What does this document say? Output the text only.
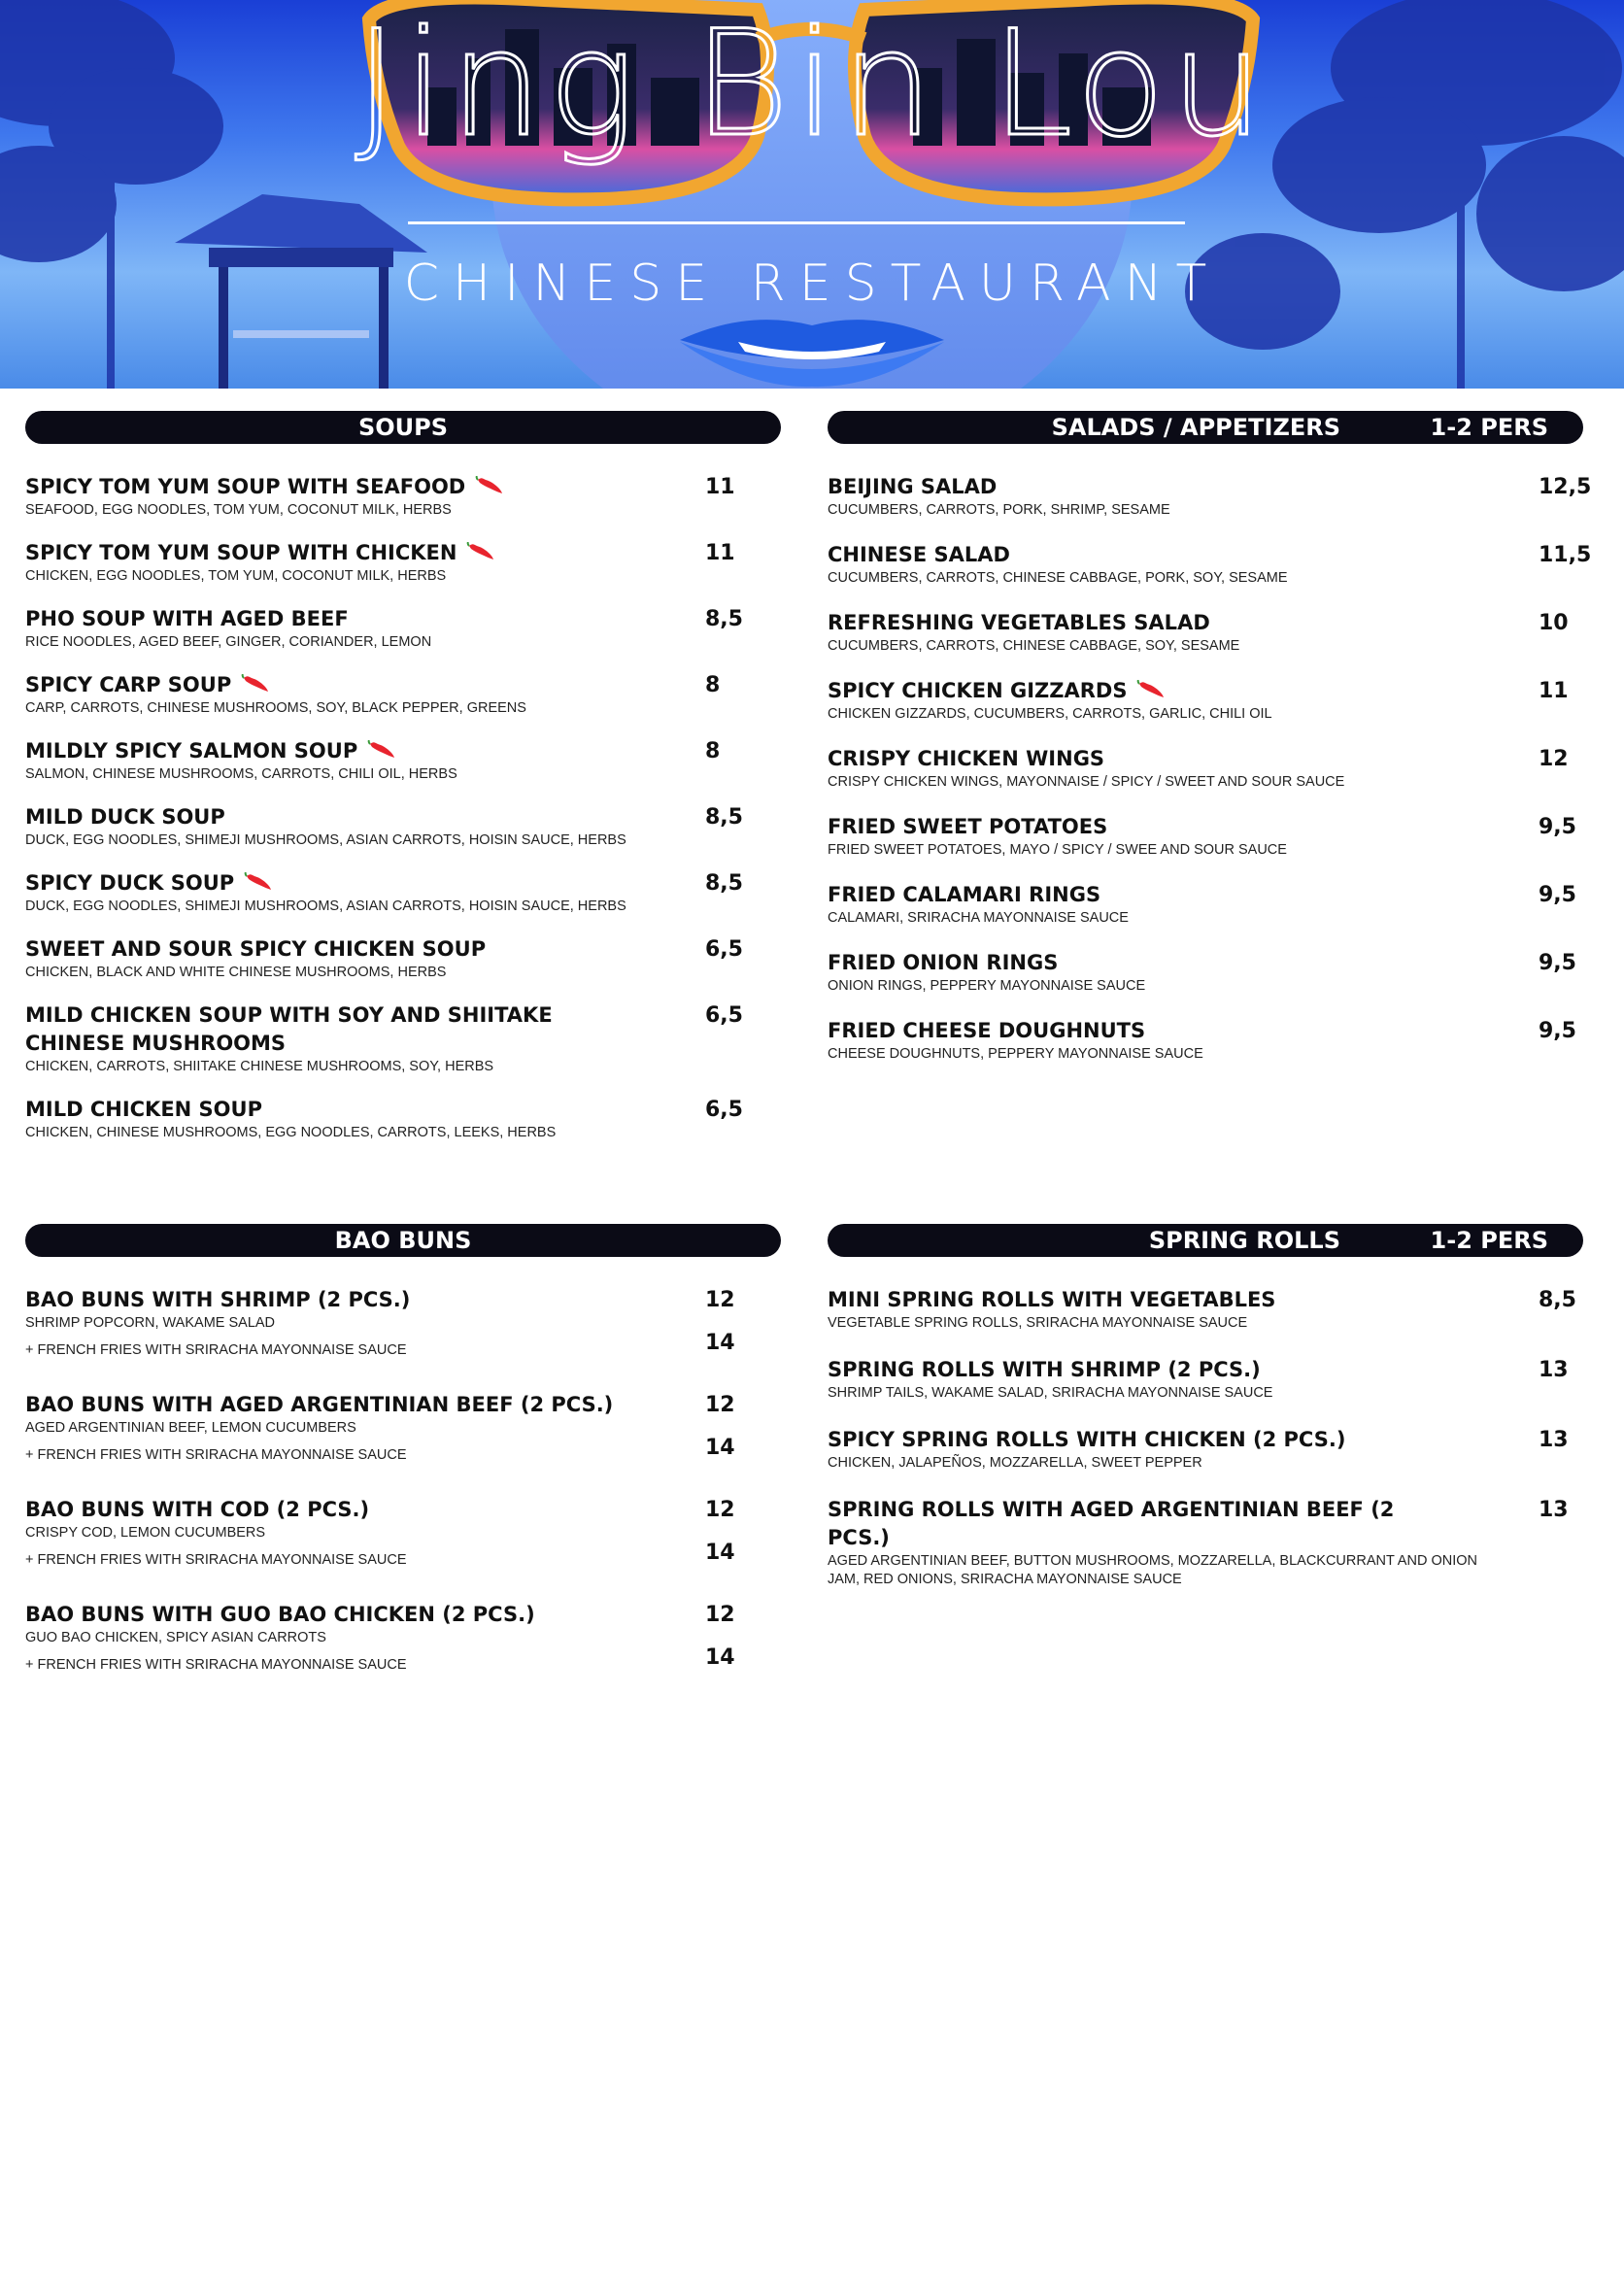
Jing Bin Lou
CHINESE RESTAURANT
SOUPS
SPICY TOM YUM SOUP WITH SEAFOOD
SEAFOOD, EGG NOODLES, TOM YUM, COCONUT MILK, HERBS
11
SPICY TOM YUM SOUP WITH CHICKEN
CHICKEN, EGG NOODLES, TOM YUM, COCONUT MILK, HERBS
11
PHO SOUP WITH AGED BEEF
RICE NOODLES, AGED BEEF, GINGER, CORIANDER, LEMON
8,5
SPICY CARP SOUP
CARP, CARROTS, CHINESE MUSHROOMS, SOY, BLACK PEPPER, GREENS
8
MILDLY SPICY SALMON SOUP
SALMON, CHINESE MUSHROOMS, CARROTS, CHILI OIL, HERBS
8
MILD DUCK SOUP
DUCK, EGG NOODLES, SHIMEJI MUSHROOMS, ASIAN CARROTS, HOISIN SAUCE, HERBS
8,5
SPICY DUCK SOUP
DUCK, EGG NOODLES, SHIMEJI MUSHROOMS, ASIAN CARROTS, HOISIN SAUCE, HERBS
8,5
SWEET AND SOUR SPICY CHICKEN SOUP
CHICKEN, BLACK AND WHITE CHINESE MUSHROOMS, HERBS
6,5
MILD CHICKEN SOUP WITH SOY AND SHIITAKE CHINESE MUSHROOMS
CHICKEN, CARROTS, SHIITAKE CHINESE MUSHROOMS, SOY, HERBS
6,5
MILD CHICKEN SOUP
CHICKEN, CHINESE MUSHROOMS, EGG NOODLES, CARROTS, LEEKS, HERBS
6,5
SALADS / APPETIZERS	1-2 PERS
BEIJING SALAD
CUCUMBERS, CARROTS, PORK, SHRIMP, SESAME
12,5
CHINESE SALAD
CUCUMBERS, CARROTS, CHINESE CABBAGE, PORK, SOY, SESAME
11,5
REFRESHING VEGETABLES SALAD
CUCUMBERS, CARROTS, CHINESE CABBAGE, SOY, SESAME
10
SPICY CHICKEN GIZZARDS
CHICKEN GIZZARDS, CUCUMBERS, CARROTS, GARLIC, CHILI OIL
11
CRISPY CHICKEN WINGS
CRISPY CHICKEN WINGS, MAYONNAISE / SPICY / SWEET AND SOUR SAUCE
12
FRIED SWEET POTATOES
FRIED SWEET POTATOES, MAYO / SPICY / SWEE AND SOUR SAUCE
9,5
FRIED CALAMARI RINGS
CALAMARI, SRIRACHA MAYONNAISE SAUCE
9,5
FRIED ONION RINGS
ONION RINGS, PEPPERY MAYONNAISE SAUCE
9,5
FRIED CHEESE DOUGHNUTS
CHEESE DOUGHNUTS, PEPPERY MAYONNAISE SAUCE
9,5
BAO BUNS
BAO BUNS WITH SHRIMP (2 PCS.)
SHRIMP POPCORN, WAKAME SALAD
12
+ FRENCH FRIES WITH SRIRACHA MAYONNAISE SAUCE	14
BAO BUNS WITH AGED ARGENTINIAN BEEF (2 PCS.)
AGED ARGENTINIAN BEEF, LEMON CUCUMBERS
12
+ FRENCH FRIES WITH SRIRACHA MAYONNAISE SAUCE	14
BAO BUNS WITH COD (2 PCS.)
CRISPY COD, LEMON CUCUMBERS
12
+ FRENCH FRIES WITH SRIRACHA MAYONNAISE SAUCE	14
BAO BUNS WITH GUO BAO CHICKEN (2 PCS.)
GUO BAO CHICKEN, SPICY ASIAN CARROTS
12
+ FRENCH FRIES WITH SRIRACHA MAYONNAISE SAUCE	14
SPRING ROLLS	1-2 PERS
MINI SPRING ROLLS WITH VEGETABLES
VEGETABLE SPRING ROLLS, SRIRACHA MAYONNAISE SAUCE
8,5
SPRING ROLLS WITH SHRIMP (2 PCS.)
SHRIMP TAILS, WAKAME SALAD, SRIRACHA MAYONNAISE SAUCE
13
SPICY SPRING ROLLS WITH CHICKEN (2 PCS.)
CHICKEN, JALAPEÑOS, MOZZARELLA, SWEET PEPPER
13
SPRING ROLLS WITH AGED ARGENTINIAN BEEF (2 PCS.)
AGED ARGENTINIAN BEEF, BUTTON MUSHROOMS, MOZZARELLA, BLACKCURRANT AND ONION JAM, RED ONIONS, SRIRACHA MAYONNAISE SAUCE
13
